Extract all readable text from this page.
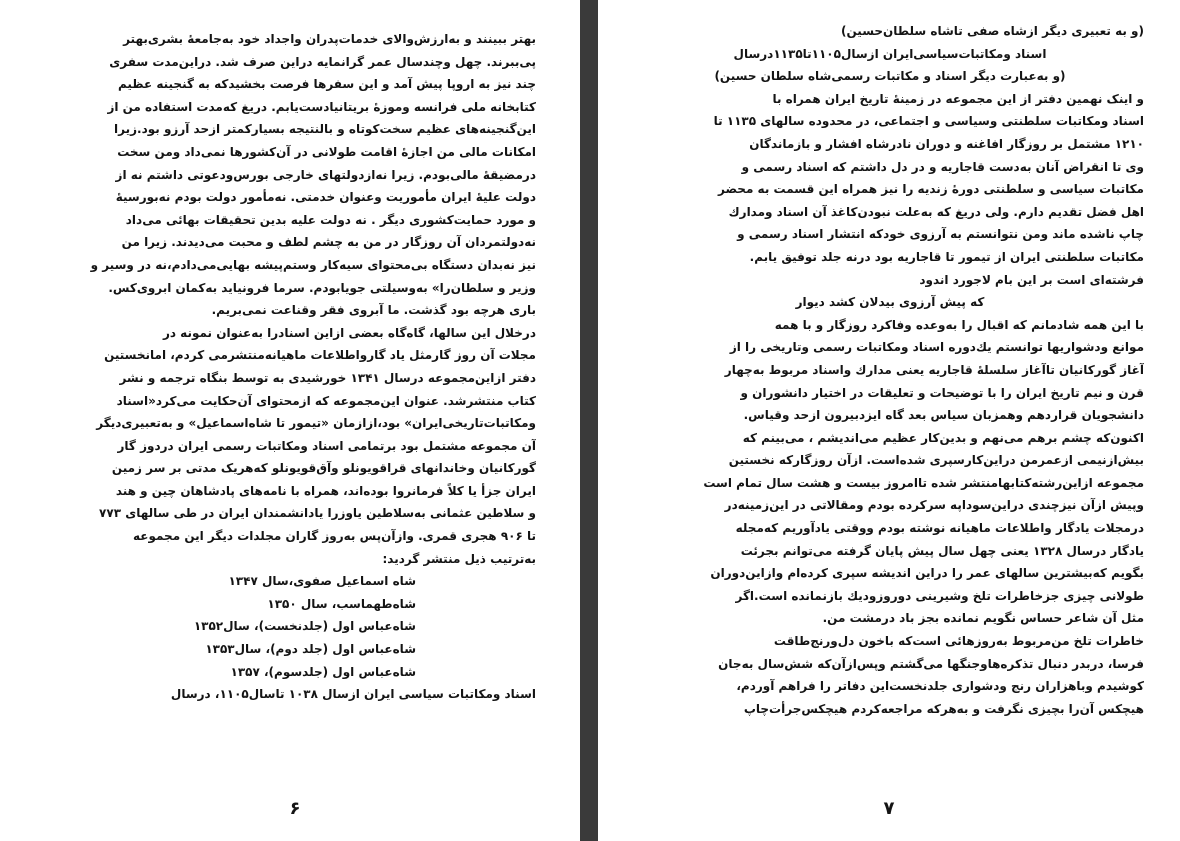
بهتر ببینند و به‌ارزش‌والای خدمات‌پدران واجداد خود به‌جامعهٔ بشری‌بهتر
پی‌ببرند. چهل وچندسال عمر گرانمایه دراین صرف شد. دراین‌مدت سفری
چند نیز به اروپا پیش آمد و این سفرها فرصت بخشیدکه به گنجینه عظیم
کتابخانه ملی فرانسه وموزهٔ بریتانیادست‌یابم. دریغ که‌مدت استفاده من از
این‌گنجینه‌های عظیم سخت‌کوتاه و با‌لنتیجه بسیارکمتر ازحد آرزو بود.زیرا
امکانات مالی من اجازهٔ اقامت طولانی در آن‌کشورها نمی‌داد ومن سخت
درمضیقهٔ مالی‌بودم. زیرا نه‌ازدولتهای خارجی بورس‌ودعوتی داشتم نه از
دولت علیهٔ ایران مأموریت وعنوان خدمتی. نه‌مأمور دولت بودم نه‌بورسیهٔ
و مورد حمایت‌کشوری دیگر . نه دولت علیه بدین تحقیقات بهائی می‌داد
نه‌دولتمردان آن روزگار در من به چشم لطف و محبت می‌دیدند. زیرا من
نیز نه‌بدان دستگاه بی‌محتوای سیه‌کار وستم‌پیشه بهایی‌می‌دادم،نه در وسیر و
وزیر و سلطان‌را» به‌وسیلتی جویا‌بودم. سرما فرونیاید به‌کمان ابروی‌کس.
باری هرچه بود گذشت. ما آبروی فقر وقناعت نمی‌بریم.
درخلال این سالها، گاه‌گاه بعضی ازاین اسنادرا به‌عنوان نمونه در
مجلات آن روز گارمثل یاد گاروا‌طلاعات ماهیانه‌منتشرمی کردم، امانخستین
دفتر ازاین‌مجموعه درسال ۱۳۴۱ خورشیدی به توسط بنگاه ترجمه و نشر
کتاب منتشرشد. عنوان این‌مجموعه که ازمحتوای آن‌حکایت می‌کرد«اسناد
ومکاتبات‌تاریخی‌ایران» بود،ازازمان «تیمور تا شاه‌اسماعیل» و به‌تعبیری‌دیگر
آن مجموعه مشتمل بود برتمامی اسناد ومکاتبات رسمی ایران دردوز گار
گورکانیان وخاندانهای قراقویونلو وآق‌قویونلو که‌هریک مدتی بر سر زمین
ایران جزأ یا کلاً فرمانروا بوده‌اند، همراه با نامه‌های پادشاهان چین و هند
و سلاطین عثمانی به‌سلاطین یاوزرا یادانشمندان ایران در طی سالهای ۷۷۳
تا ۹۰۶ هجری قمری. وازآن‌پس به‌روز گاران مجلدات دیگر این مجموعه
به‌ترتیب ذیل منتشر گردید:
شاه اسماعیل صفوی،سال ۱۳۴۷
شاه‌طهماسب، سال ۱۳۵۰
شاه‌عباس اول (جلدنخست)، سال۱۳۵۲
شاه‌عباس اول (جلد دوم)، سال۱۳۵۳
شاه‌عباس اول (جلدسوم)، ۱۳۵۷
اسناد ومکاتبات سیاسی ایران ازسال ۱۰۳۸ تاسال۱۱۰۵، درسال
۶
(و به تعبیری دیگر ازشاه صفی تاشاه سلطان‌حسین)
اسناد ومکاتبات‌سیاسی‌ایران ازسال۱۱۰۵تا۱۱۳۵درسال
(و به‌عبارت دیگر اسناد و مکاتبات رسمی‌شاه سلطان حسین)
و اینک نهمین دفتر از این مجموعه در زمینهٔ تاریخ ایران همراه با
اسناد ومکاتبات سلطنتی وسیاسی و اجتماعی، در محدوده سالهای ۱۱۳۵ تا
۱۲۱۰ مشتمل بر روزگار افاغنه و دوران نادرشاه افشار و بازماندگان
وی تا انقراض آنان به‌دست قاجاریه و در دل داشتم که اسناد رسمی و
مکاتبات سیاسی و سلطنتی دورهٔ زندیه را نیز همراه این قسمت به محضر
اهل فضل تقدیم دارم. ولی دریغ که به‌علت نبودن‌کاغذ آن اسناد ومدارك
چاپ ناشده ماند ومن نتوانستم به آرزوی خودکه انتشار اسناد رسمی و
مکاتبات سلطنتی ایران از تیمور تا قاجاریه بود درنه جلد توفیق یابم.
فرشته‌ای است بر این بام لاجورد اندود
که پیش آرزوی بیدلان کشد دیوار
با این همه شادمانم که اقبال را به‌وعده وفاکرد روزگار و با همه
موانع ودشواریها توانستم یك‌دوره اسناد ومکاتبات رسمی وتاریخی را از
آغاز گورکانیان تاآغاز سلسلهٔ قاجاریه یعنی مدارك واسناد مربوط به‌چهار
قرن و نیم تاریخ ایران را با توضیحات و تعلیقات در اختیار دانشوران و
دانشجویان قراردهم وهمزبان سیاس بعد گاه ایزدبیرون ازحد وقیاس.
اکنون‌که چشم برهم می‌نهم و بدین‌کار عظیم می‌اندیشم ، می‌بینم که
بیش‌ازنیمی ازعمرمن دراین‌کارسپری شده‌است. ازآن روزگارکه نخستین
مجموعه ازاین‌رشته‌کتابهامنتشر شده تاامروز بیست و هشت سال تمام است
وپیش ازآن نیزچندی دراین‌سوداپه سرکرده بودم ومقالاتی در این‌زمینه‌در
درمجلات یادگار واطلاعات ماهیانه نوشته بودم ووقتی یادآوریم که‌مجله
یادگار درسال ۱۳۲۸ یعنی چهل سال پیش پایان گرفته می‌توانم بجرئت
بگویم که‌بیشترین سالهای عمر را دراین اندیشه سپری کرده‌ام وازاین‌دوران
طولانی چیزی جزخاطرات تلخ وشیرینی دوروزودیك بازنمانده است.اگر
مثل آن شاعر حساس نگویم نمانده بجز باد درمشت من.
خاطرات تلخ من‌مربوط به‌روزهائی است‌که باخون دل‌ورنج‌طاقت
فرسا، دربدر دنبال تذکره‌هاوجنگها می‌گشتم وپس‌ازآن‌که شش‌سال به‌جان
کوشیدم وباهزاران رنج ودشواری جلدنخست‌این دفاتر را فراهم آوردم،
هیچکس آن‌را بچیزی نگرفت و به‌هرکه مراجعه‌کردم هیچکس‌جرأت‌چاپ
۷
